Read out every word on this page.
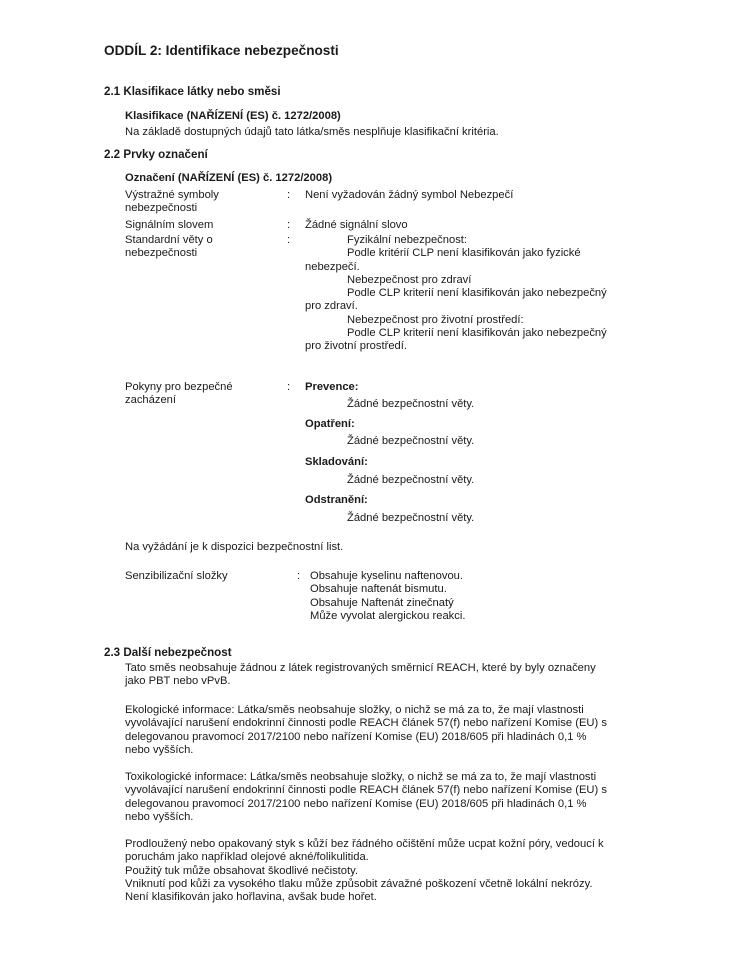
ODDÍL 2: Identifikace nebezpečnosti
2.1 Klasifikace látky nebo směsi
Klasifikace (NAŘÍZENÍ (ES) č. 1272/2008)
Na základě dostupných údajů tato látka/směs nesplňuje klasifikační kritéria.
2.2 Prvky označení
Označení (NAŘÍZENÍ (ES) č. 1272/2008)
Výstražné symboly nebezpečnosti
: Není vyžadován žádný symbol Nebezpečí
Signálním slovem	: Žádné signální slovo
Standardní věty o nebezpečnosti
:	Fyzikální nebezpečnost:

Podle kritérií CLP není klasifikován jako fyzické

nebezpečí.

Nebezpečnost pro zdraví

Podle CLP kriterií není klasifikován jako nebezpečný

pro zdraví.

Nebezpečnost pro životní prostředí:

Podle CLP kriterií není klasifikován jako nebezpečný

pro životní prostředí.

Pokyny pro bezpečné zacházení
: Prevence:
Žádné bezpečnostní věty.
Opatření:
Žádné bezpečnostní věty.
Skladování:
Žádné bezpečnostní věty.
Odstranění:
Žádné bezpečnostní věty.
Na vyžádání je k dispozici bezpečnostní list.
Senzibilizační složky	: Obsahuje kyselinu naftenovou.

Obsahuje naftenát bismutu.

Obsahuje Naftenát zinečnatý

Může vyvolat alergickou reakci.

2.3 Další nebezpečnost

Tato směs neobsahuje žádnou z látek registrovaných směrnicí REACH, které by byly označeny

jako PBT nebo vPvB.

Ekologické informace: Látka/směs neobsahuje složky, o nichž se má za to, že mají vlastnosti

vyvolávající narušení endokrinní činnosti podle REACH článek 57(f) nebo nařízení Komise (EU) s

delegovanou pravomocí 2017/2100 nebo nařízení Komise (EU) 2018/605 při hladinách 0,1 %

nebo vyšších.

Toxikologické informace: Látka/směs neobsahuje složky, o nichž se má za to, že mají vlastnosti

vyvolávající narušení endokrinní činnosti podle REACH článek 57(f) nebo nařízení Komise (EU) s

delegovanou pravomocí 2017/2100 nebo nařízení Komise (EU) 2018/605 při hladinách 0,1 %

nebo vyšších.

Prodloužený nebo opakovaný styk s kůží bez řádného očištění může ucpat kožní póry, vedoucí k

poruchám jako například olejové akné/folikulitida.

Použitý tuk může obsahovat škodlivé nečistoty.

Vniknutí pod kůži za vysokého tlaku může způsobit závažné poškození včetně lokální nekrózy.

Není klasifikován jako hořlavina, avšak bude hořet.
